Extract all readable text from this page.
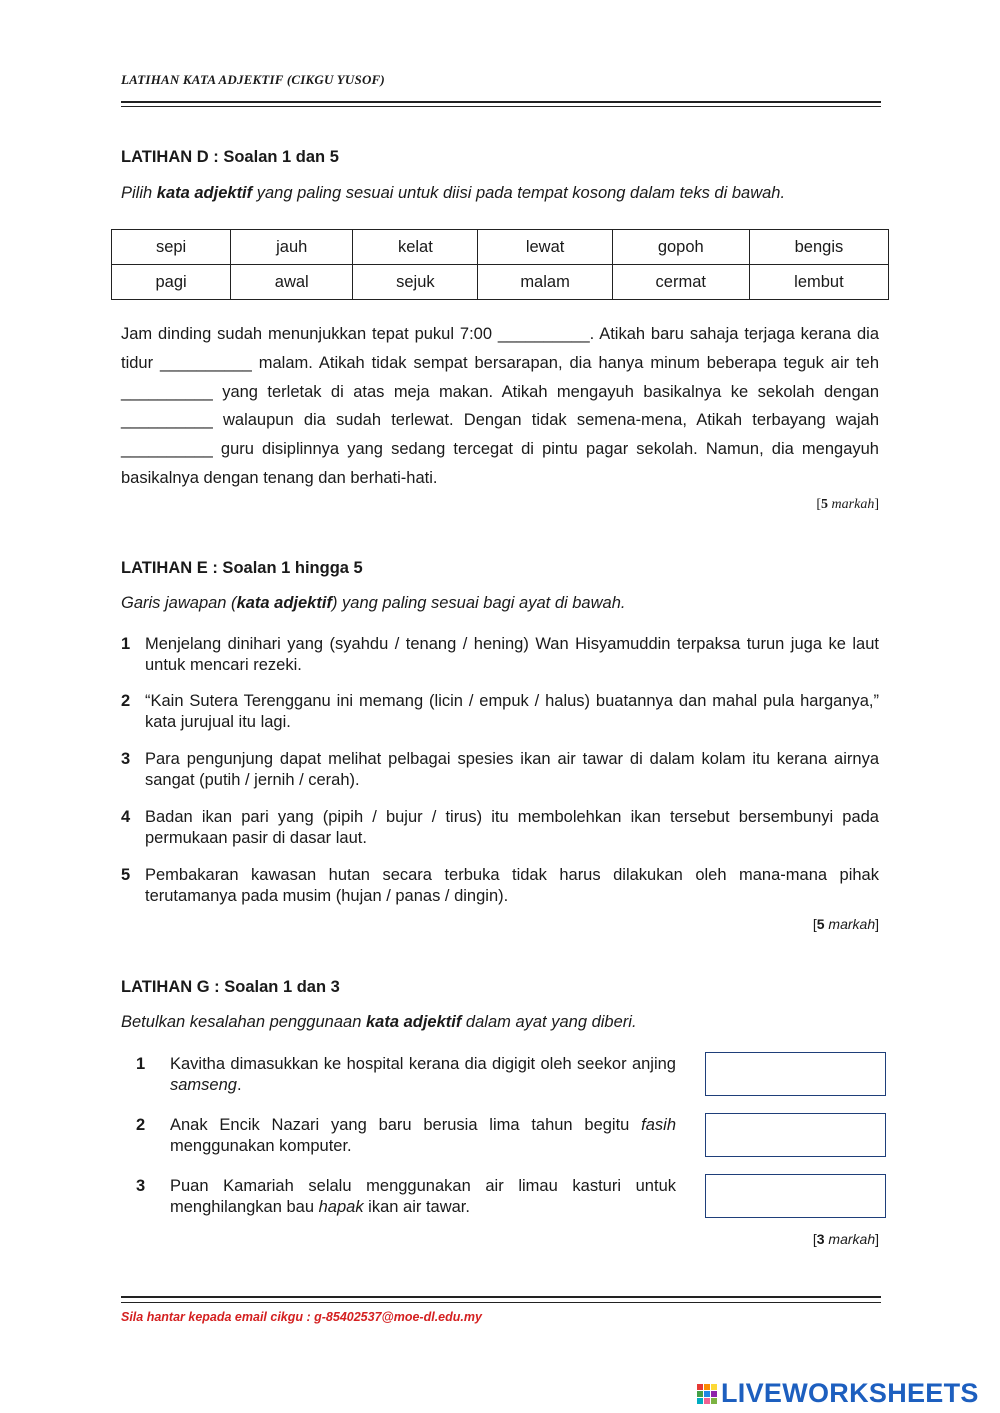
LATIHAN KATA ADJEKTIF (CIKGU YUSOF)
LATIHAN D : Soalan 1 dan 5
Pilih kata adjektif yang paling sesuai untuk diisi pada tempat kosong dalam teks di bawah.
sepi	jauh	kelat	lewat	gopoh	bengis
pagi	awal	sejuk	malam	cermat	lembut
Jam dinding sudah menunjukkan tepat pukul 7:00 __________. Atikah baru sahaja terjaga kerana dia tidur __________ malam. Atikah tidak sempat bersarapan, dia hanya minum beberapa teguk air teh __________ yang terletak di atas meja makan. Atikah mengayuh basikalnya ke sekolah dengan __________ walaupun dia sudah terlewat. Dengan tidak semena-mena, Atikah terbayang wajah __________ guru disiplinnya yang sedang tercegat di pintu pagar sekolah. Namun, dia mengayuh basikalnya dengan tenang dan berhati-hati.
[5 markah]
LATIHAN E : Soalan 1 hingga 5
Garis jawapan (kata adjektif) yang paling sesuai bagi ayat di bawah.
1 Menjelang dinihari yang (syahdu / tenang / hening) Wan Hisyamuddin terpaksa turun juga ke laut untuk mencari rezeki.
2 “Kain Sutera Terengganu ini memang (licin / empuk / halus) buatannya dan mahal pula harganya,” kata jurujual itu lagi.
3 Para pengunjung dapat melihat pelbagai spesies ikan air tawar di dalam kolam itu kerana airnya sangat (putih / jernih / cerah).
4 Badan ikan pari yang (pipih / bujur / tirus) itu membolehkan ikan tersebut bersembunyi pada permukaan pasir di dasar laut.
5 Pembakaran kawasan hutan secara terbuka tidak harus dilakukan oleh mana-mana pihak terutamanya pada musim (hujan / panas / dingin).
[5 markah]
LATIHAN G : Soalan 1 dan 3
Betulkan kesalahan penggunaan kata adjektif dalam ayat yang diberi.
1 Kavitha dimasukkan ke hospital kerana dia digigit oleh seekor anjing samseng.
2 Anak Encik Nazari yang baru berusia lima tahun begitu fasih menggunakan komputer.
3 Puan Kamariah selalu menggunakan air limau kasturi untuk menghilangkan bau hapak ikan air tawar.
[3 markah]
Sila hantar kepada email cikgu : g-85402537@moe-dl.edu.my
LIVEWORKSHEETS
